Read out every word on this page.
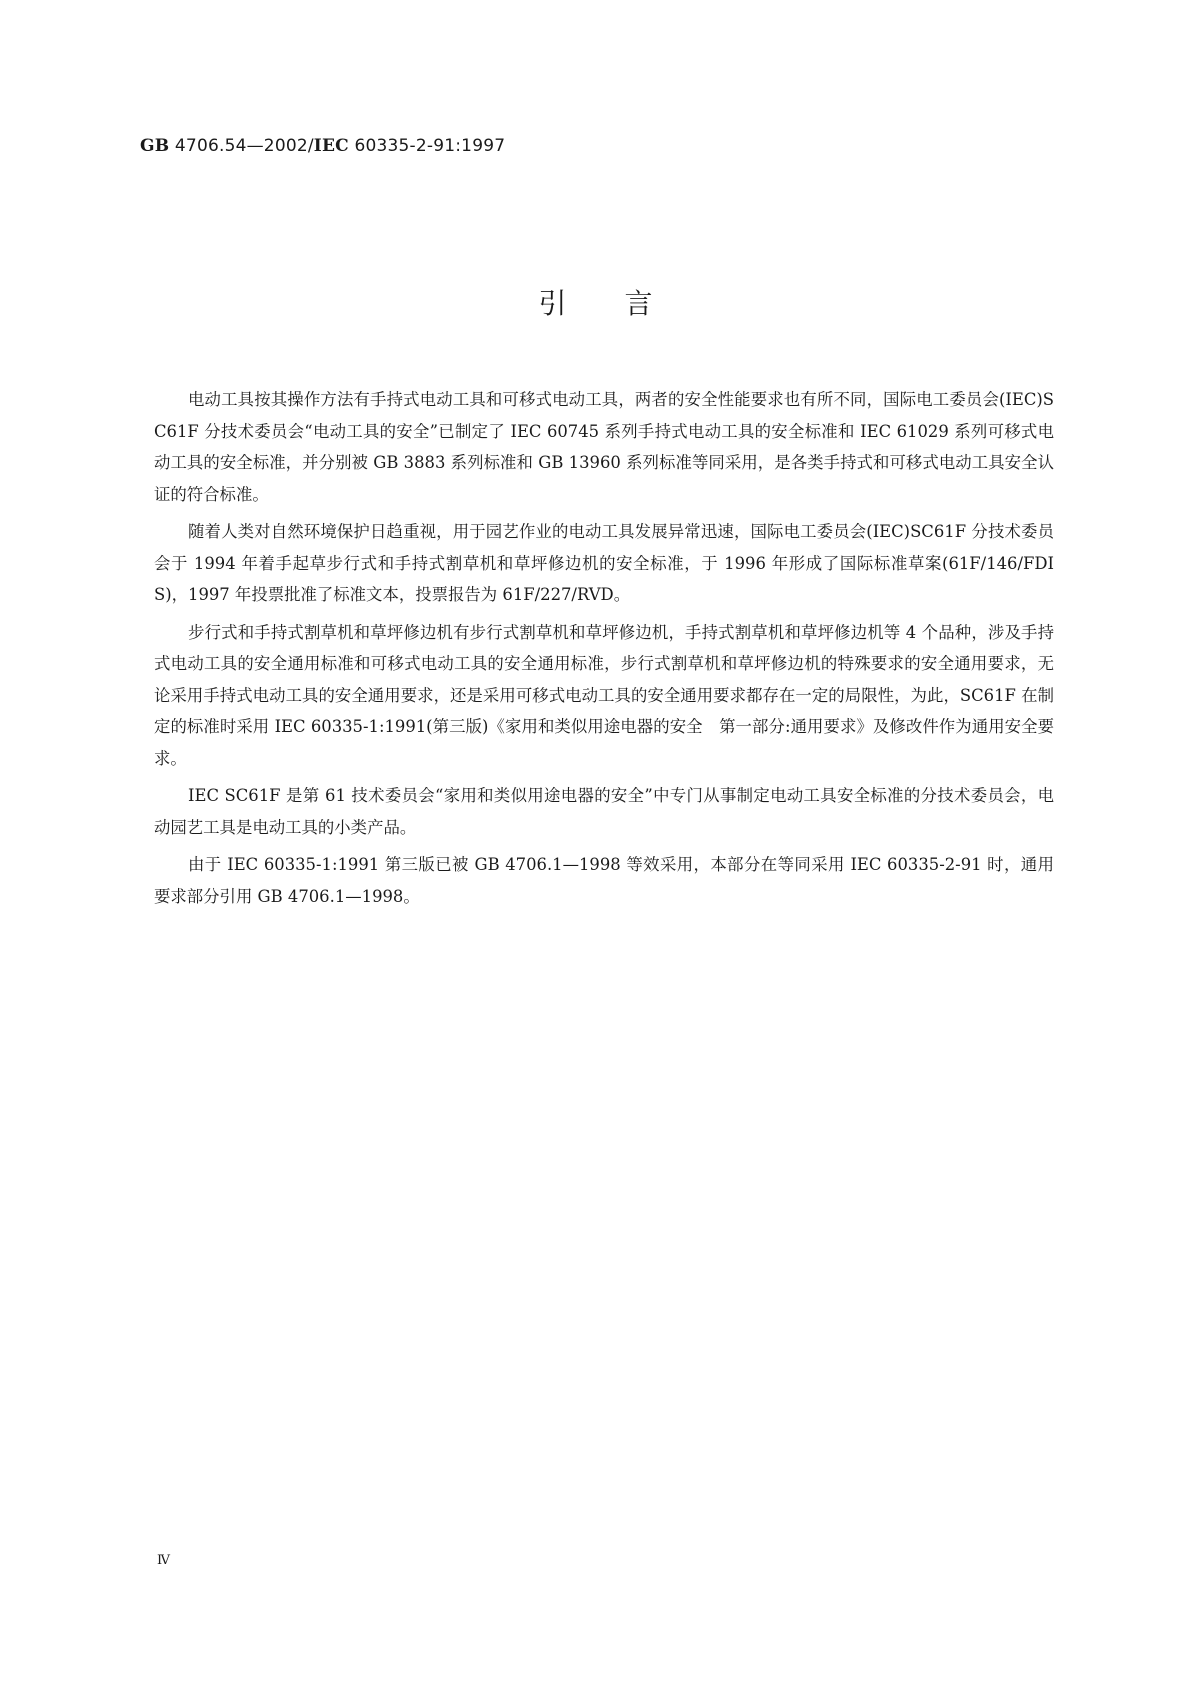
GB 4706.54—2002/IEC 60335-2-91:1997
引 言

电动工具按其操作方法有手持式电动工具和可移式电动工具，两者的安全性能要求也有所不同，国际电工委员会(IEC)SC61F 分技术委员会“电动工具的安全”已制定了 IEC 60745 系列手持式电动工具的安全标准和 IEC 61029 系列可移式电动工具的安全标准，并分别被 GB 3883 系列标准和 GB 13960 系列标准等同采用，是各类手持式和可移式电动工具安全认证的符合标准。

随着人类对自然环境保护日趋重视，用于园艺作业的电动工具发展异常迅速，国际电工委员会(IEC)SC61F 分技术委员会于 1994 年着手起草步行式和手持式割草机和草坪修边机的安全标准，于 1996 年形成了国际标准草案(61F/146/FDIS)，1997 年投票批准了标准文本，投票报告为 61F/227/RVD。

步行式和手持式割草机和草坪修边机有步行式割草机和草坪修边机，手持式割草机和草坪修边机等 4 个品种，涉及手持式电动工具的安全通用标准和可移式电动工具的安全通用标准，步行式割草机和草坪修边机的特殊要求的安全通用要求，无论采用手持式电动工具的安全通用要求，还是采用可移式电动工具的安全通用要求都存在一定的局限性，为此，SC61F 在制定的标准时采用 IEC 60335-1:1991(第三版)《家用和类似用途电器的安全　第一部分:通用要求》及修改件作为通用安全要求。

IEC SC61F 是第 61 技术委员会“家用和类似用途电器的安全”中专门从事制定电动工具安全标准的分技术委员会，电动园艺工具是电动工具的小类产品。

由于 IEC 60335-1:1991 第三版已被 GB 4706.1—1998 等效采用，本部分在等同采用 IEC 60335-2-91 时，通用要求部分引用 GB 4706.1—1998。

Ⅳ
